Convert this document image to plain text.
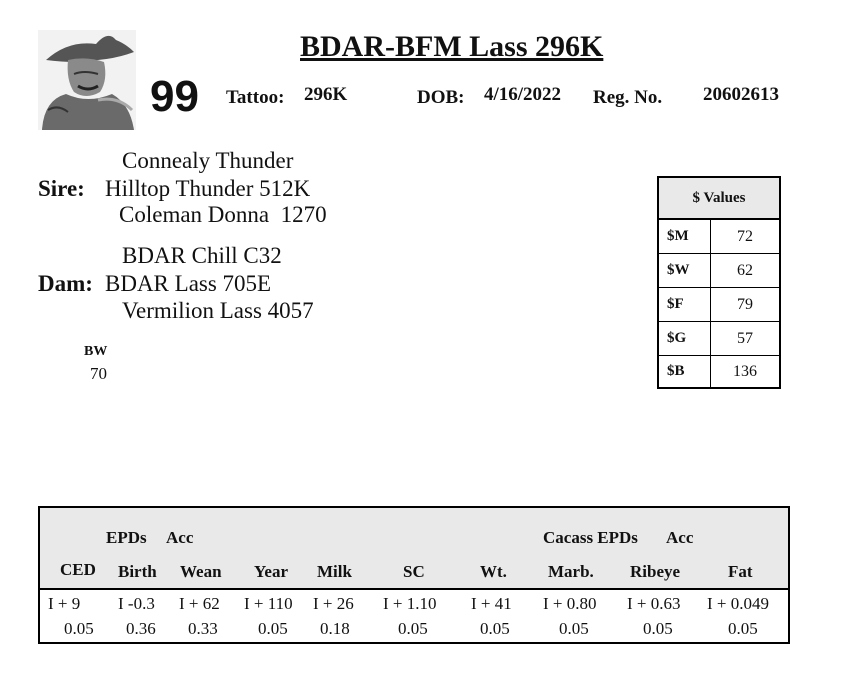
BDAR-BFM Lass 296K
99 Tattoo: 296K	DOB: 4/16/2022 Reg. No. 20602613
Connealy Thunder
Sire: Hilltop Thunder 512K
Coleman Donna  1270
BDAR Chill C32
Dam: BDAR Lass 705E
Vermilion Lass 4057
BW
70
$ Values
$M	72
$W	62
$F	79
$G	57
$B	136
EPDs Acc	Cacass EPDs Acc
CED Birth Wean Year Milk	SC	Wt. Marb. Ribeye	Fat
I + 9 I -0.3 I + 62 I + 110 I + 26 I + 1.10 I + 41 I + 0.80 I + 0.63 I + 0.049
0.05 0.36 0.33 0.05 0.18	0.05	0.05	0.05	0.05	0.05
